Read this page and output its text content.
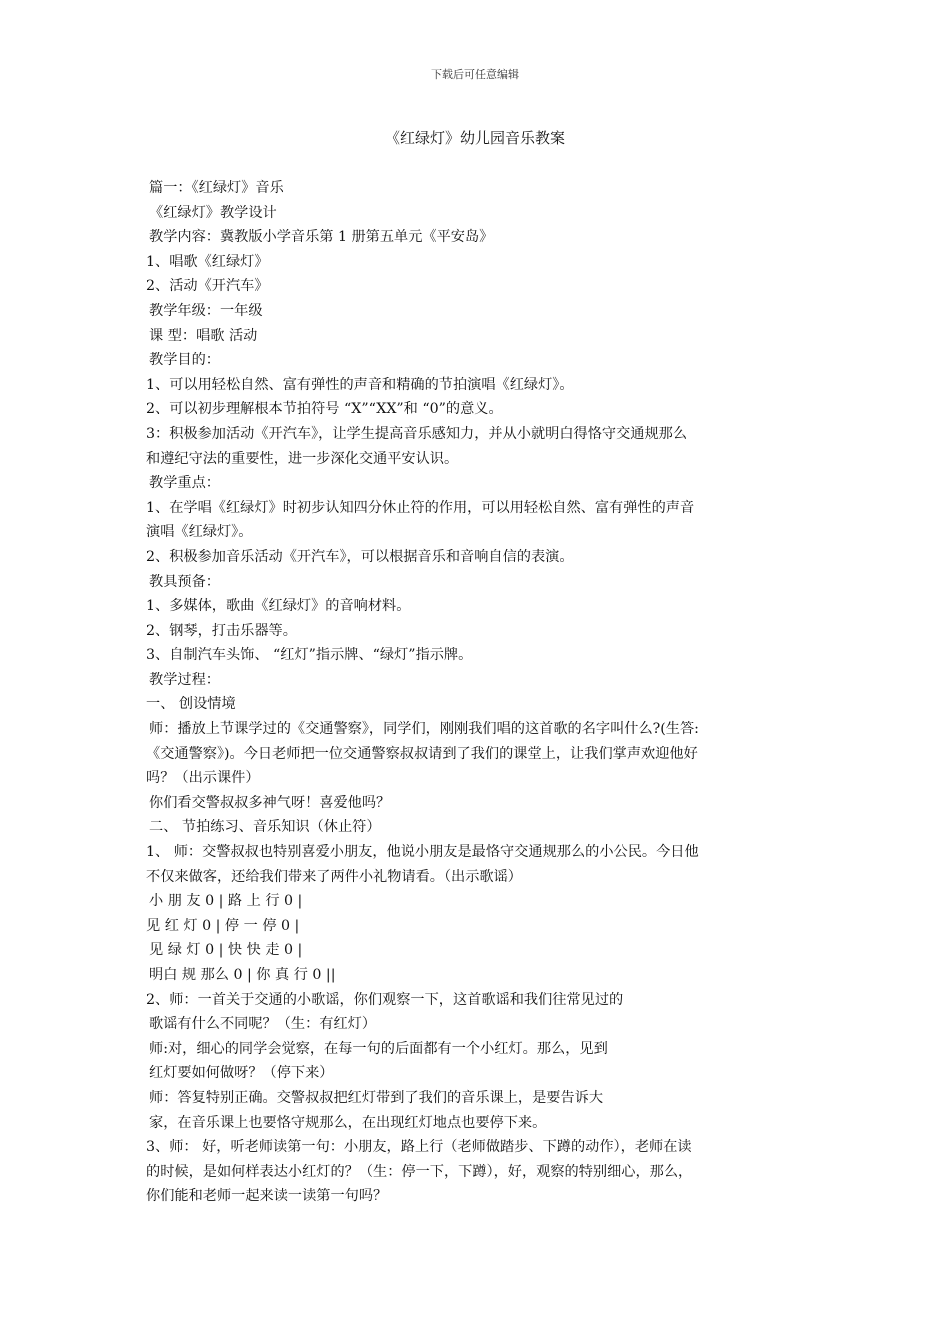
下载后可任意编辑
《红绿灯》幼儿园音乐教案
篇一：《红绿灯》音乐
《红绿灯》教学设计
教学内容：冀教版小学音乐第 1 册第五单元《平安岛》
1、唱歌《红绿灯》
2、活动《开汽车》
教学年级：一年级
课 型：唱歌 活动
教学目的：
1、可以用轻松自然、富有弹性的声音和精确的节拍演唱《红绿灯》。
2、可以初步理解根本节拍符号 “X”“XX”和 “0”的意义。
3：积极参加活动《开汽车》，让学生提高音乐感知力，并从小就明白得恪守交通规那么
和遵纪守法的重要性，进一步深化交通平安认识。
教学重点：
1、在学唱《红绿灯》时初步认知四分休止符的作用，可以用轻松自然、富有弹性的声音
演唱《红绿灯》。
2、积极参加音乐活动《开汽车》，可以根据音乐和音响自信的表演。
教具预备：
1、多媒体，歌曲《红绿灯》的音响材料。
2、钢琴，打击乐器等。
3、自制汽车头饰、 “红灯”指示牌、“绿灯”指示牌。
教学过程：
一、 创设情境
师：播放上节课学过的《交通警察》，同学们，刚刚我们唱的这首歌的名字叫什么?(生答:
《交通警察》)。今日老师把一位交通警察叔叔请到了我们的课堂上，让我们掌声欢迎他好
吗？（出示课件）
你们看交警叔叔多神气呀！喜爱他吗？
二、 节拍练习、音乐知识（休止符）
1、 师：交警叔叔也特别喜爱小朋友，他说小朋友是最恪守交通规那么的小公民。今日他
不仅来做客，还给我们带来了两件小礼物请看。（出示歌谣）
小 朋 友 0 | 路 上 行 0 |
见 红 灯 0 | 停 一 停 0 |
见 绿 灯 0 | 快 快 走 0 |
明白 规 那么 0 | 你 真 行 0 ||
2、师：一首关于交通的小歌谣，你们观察一下，这首歌谣和我们往常见过的
歌谣有什么不同呢？（生：有红灯）
师:对，细心的同学会觉察，在每一句的后面都有一个小红灯。那么，见到
红灯要如何做呀？（停下来）
师：答复特别正确。交警叔叔把红灯带到了我们的音乐课上，是要告诉大
家，在音乐课上也要恪守规那么，在出现红灯地点也要停下来。
3、师： 好，听老师读第一句：小朋友，路上行（老师做踏步、下蹲的动作），老师在读
的时候，是如何样表达小红灯的？（生：停一下，下蹲），好，观察的特别细心，那么，
你们能和老师一起来读一读第一句吗？
